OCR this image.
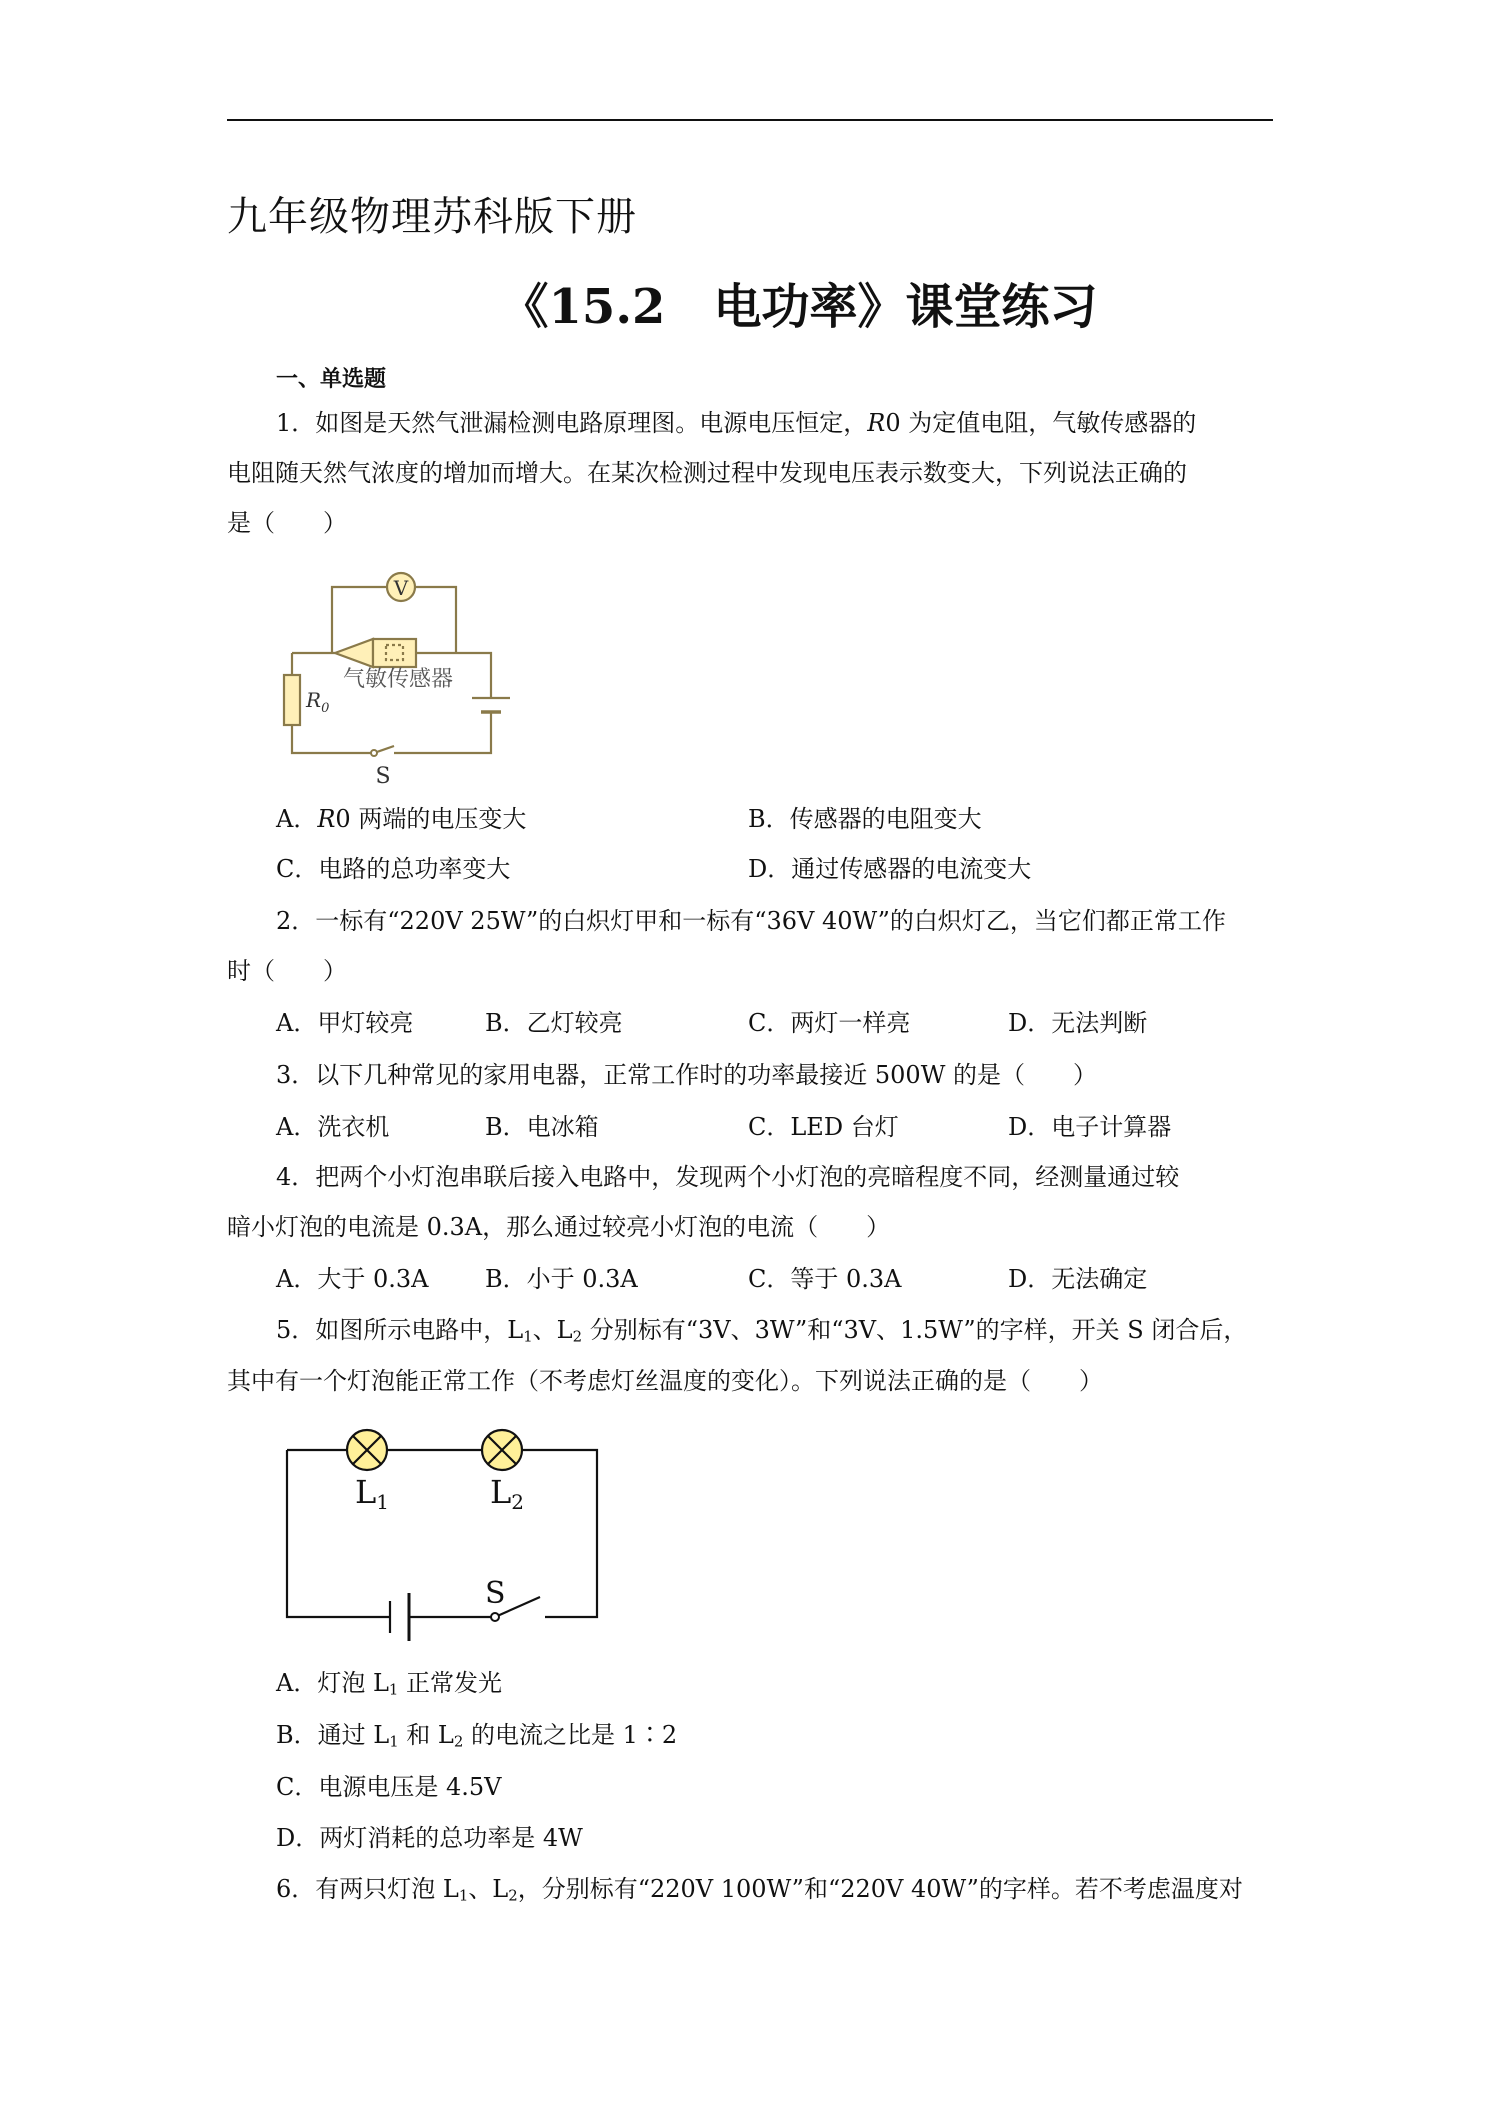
九年级物理苏科版下册
《15.2　电功率》课堂练习
一、单选题
1．如图是天然气泄漏检测电路原理图。电源电压恒定，R0 为定值电阻，气敏传感器的
电阻随天然气浓度的增加而增大。在某次检测过程中发现电压表示数变大，下列说法正确的
是（　　）
V
气敏传感器
$R_0$
S
A．R0 两端的电压变大	B．传感器的电阻变大
C．电路的总功率变大	D．通过传感器的电流变大
2．一标有“220V 25W”的白炽灯甲和一标有“36V 40W”的白炽灯乙，当它们都正常工作
时（　　）
A．甲灯较亮	B．乙灯较亮	C．两灯一样亮	D．无法判断
3．以下几种常见的家用电器，正常工作时的功率最接近 500W 的是（　　）
A．洗衣机	B．电冰箱	C．LED 台灯	D．电子计算器
4．把两个小灯泡串联后接入电路中，发现两个小灯泡的亮暗程度不同，经测量通过较
暗小灯泡的电流是 0.3A，那么通过较亮小灯泡的电流（　　）
A．大于 0.3A B．小于 0.3A	C．等于 0.3A	D．无法确定
5．如图所示电路中，$L_1$、$L_2$ 分别标有“3V、3W”和“3V、1.5W”的字样，开关 S 闭合后，
其中有一个灯泡能正常工作（不考虑灯丝温度的变化）。下列说法正确的是（　　）
L1	L2
S
A．灯泡 $L_1$ 正常发光
B．通过 $L_1$ 和 $L_2$ 的电流之比是 1∶2
C．电源电压是 4.5V
D．两灯消耗的总功率是 4W
6．有两只灯泡 $L_1$、$L_2$，分别标有“220V 100W”和“220V 40W”的字样。若不考虑温度对
